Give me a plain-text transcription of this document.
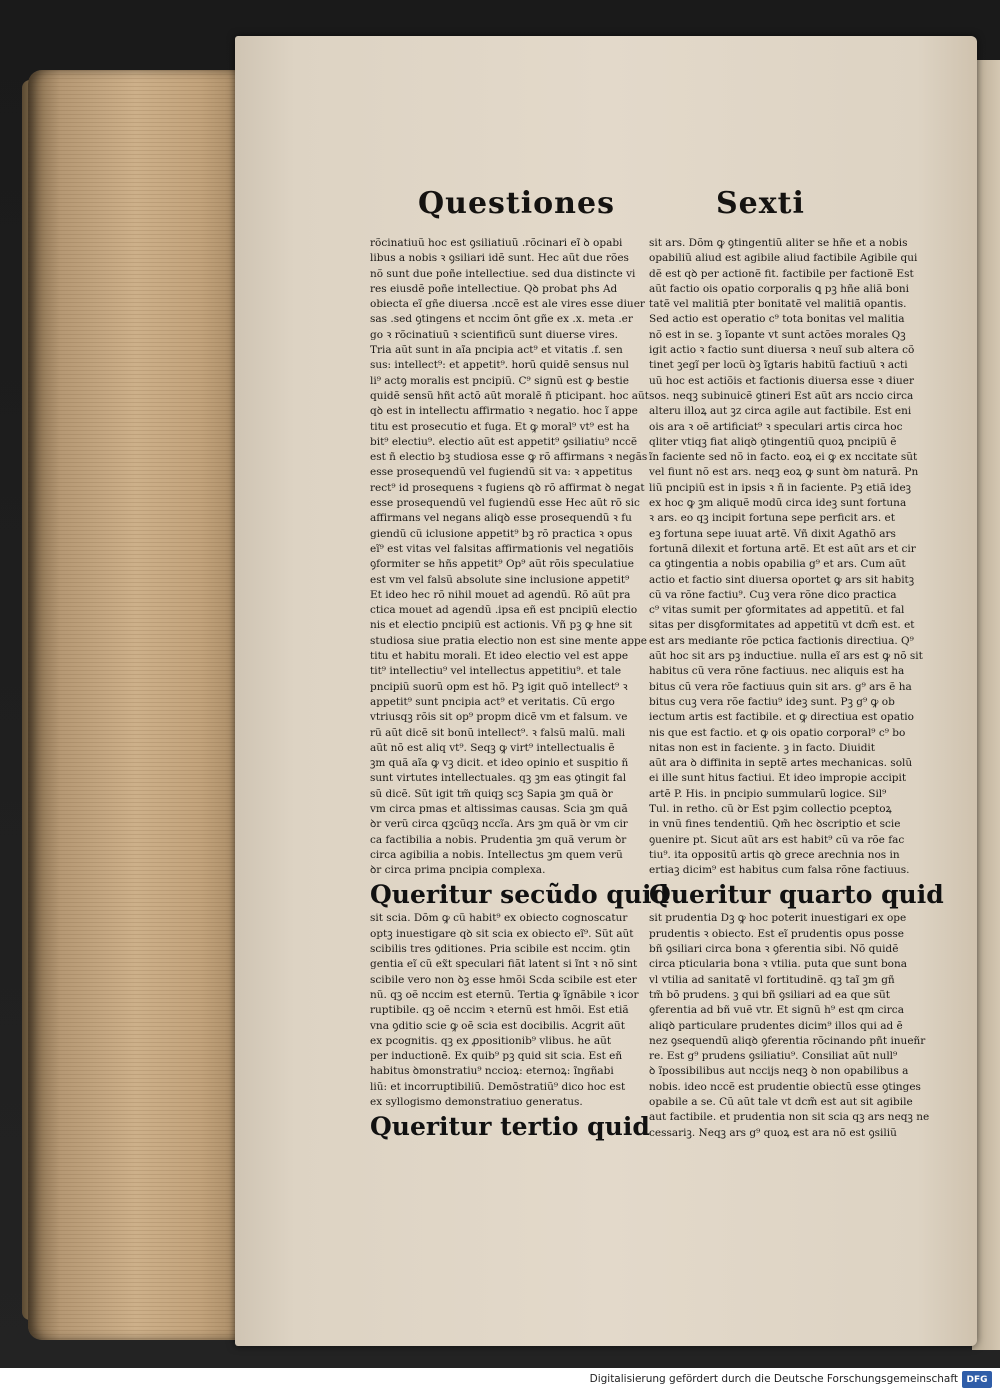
Questiones	Sexti
rõcinatiuũ hoc est ꝯsiliatiuũ .rõcinari eĩ ꝺ opabi
libus a nobis ꝛ ꝯsiliari idẽ sunt. Hec aũt due rões
nõ sunt due poñe intellectiue. sed dua distincte vi
res eiusdẽ poñe intellectiue. Qꝺ probat phs Ad
obiecta eĩ gñe diuersa .nccẽ est ale vires esse diuer
sas .sed ꝯtingens et nccim õnt gñe ex .x. meta .er
go ꝛ rõcinatiuũ ꝛ scientificũ sunt diuerse vires.
Tria aũt sunt in aĩa pncipia act⁹ et vitatis .f. sen
sus: intellect⁹: et appetit⁹. horũ quidẽ sensus nul
li⁹ actꝯ moralis est pncipiũ. C⁹ signũ est ꝙ bestie
quidẽ sensũ hñt actõ aũt moralẽ ñ pticipant. hoc aũt
qꝺ est in intellectu affirmatio ꝛ negatio. hoc ĩ appe
titu est prosecutio et fuga. Et ꝙ moral⁹ vt⁹ est ha
bit⁹ electiu⁹. electio aũt est appetit⁹ ꝯsiliatiu⁹ nccẽ
est ñ electio bꝫ studiosa esse ꝙ rõ affirmans ꝛ negãs
esse prosequendũ vel fugiendũ sit va: ꝛ appetitus
rect⁹ id prosequens ꝛ fugiens qꝺ rõ affirmat ꝺ negat
esse prosequendũ vel fugiendũ esse Hec aũt rõ sic
affirmans vel negans aliqꝺ esse prosequendũ ꝛ fu
giendũ cũ iclusione appetit⁹ bꝫ rõ practica ꝛ opus
eĩ⁹ est vitas vel falsitas affirmationis vel negatiõis
ꝯformiter se hñs appetit⁹ Op⁹ aũt rõis speculatiue
est vm vel falsũ absolute sine inclusione appetit⁹
Et ideo hec rõ nihil mouet ad agendũ. Rõ aũt pra
ctica mouet ad agendũ .ipsa eñ est pncipiũ electio
nis et electio pncipiũ est actionis. Vñ pꝫ ꝙ hne sit
studiosa siue pratia electio non est sine mente appe
titu et habitu morali. Et ideo electio vel est appe
tit⁹ intellectiu⁹ vel intellectus appetitiu⁹. et tale
pncipiũ suorũ opm est hõ. Pꝫ igit quõ intellect⁹ ꝛ
appetit⁹ sunt pncipia act⁹ et veritatis. Cũ ergo
vtriusqꝫ rõis sit op⁹ propm dicẽ vm et falsum. ve
rũ aũt dicẽ sit bonũ intellect⁹. ꝛ falsũ malũ. mali
aũt nõ est aliq vt⁹. Seqꝫ ꝙ virt⁹ intellectualis ẽ
ꝫm quã aĩa ꝙ vꝫ dicit. et ideo opinio et suspitio ñ
sunt virtutes intellectuales. qꝫ ꝫm eas ꝯtingit fal
sũ dicẽ. Sũt igit tm̃ quiqꝫ scꝫ Sapia ꝫm quã ꝺr
vm circa pmas et altissimas causas. Scia ꝫm quã
ꝺr verũ circa qꝫcũqꝫ nccĩa. Ars ꝫm quã ꝺr vm cir
ca factibilia a nobis. Prudentia ꝫm quã verum ꝺr
circa agibilia a nobis. Intellectus ꝫm quem verũ
ꝺr circa prima pncipia complexa.
Queritur secũdo quid
sit scia. Dõm ꝙ cũ habit⁹ ex obiecto cognoscatur
optꝫ inuestigare qꝺ sit scia ex obiecto eĩ⁹. Sũt aũt
scibilis tres ꝯditiones. Pria scibile est nccim. ꝯtin
gentia eĩ cũ ex̃t speculari fiãt latent si ĩnt ꝛ nõ sint
scibile vero non ꝺꝫ esse hmõi Scda scibile est eter
nũ. qꝫ oẽ nccim est eternũ. Tertia ꝙ ĩgnãbile ꝛ icor
ruptibile. qꝫ oẽ nccim ꝛ eternũ est hmõi. Est etiã
vna ꝯditio scie ꝙ oẽ scia est docibilis. Acgrit aũt
ex pcognitis. qꝫ ex ꝓpositionib⁹ vlibus. he aũt
per inductionẽ. Ex quib⁹ pꝫ quid sit scia. Est eñ
habitus ꝺmonstratiu⁹ nccioꝝ: eternoꝝ: ĩngñabi
liũ: et incorruptibiliũ. Demõstratiũ⁹ dico hoc est
ex syllogismo demonstratiuo generatus.
Queritur tertio quid
sit ars. Dõm ꝙ ꝯtingentiũ aliter se hñe et a nobis
opabiliũ aliud est agibile aliud factibile Agibile qui
dẽ est qꝺ per actionẽ fit. factibile per factionẽ Est
aũt factio ois opatio corporalis ꝗ pꝫ hñe aliã boni
tatẽ vel malitiã pter bonitatẽ vel malitiã opantis.
Sed actio est operatio c⁹ tota bonitas vel malitia
nõ est in se. ꝫ ĩopante vt sunt actões morales Qꝫ
igit actio ꝛ factio sunt diuersa ꝛ neuĩ sub altera cõ
tinet ꝫegĩ per locũ ꝺꝫ ĩgtaris habitũ factiuũ ꝛ acti
uũ hoc est actiõis et factionis diuersa esse ꝛ diuer
sos. neqꝫ subinuicẽ ꝯtineri Est aũt ars nccio circa
alteru illoꝝ aut ꝫz circa agile aut factibile. Est eni
ois ara ꝛ oẽ artificiat⁹ ꝛ speculari artis circa hoc
qliter vtiqꝫ fiat aliqꝺ ꝯtingentiũ quoꝝ pncipiũ ẽ
ĩn faciente sed nõ in facto. eoꝝ ei ꝙ ex nccitate sũt
vel fiunt nõ est ars. neqꝫ eoꝝ ꝙ sunt ꝺm naturã. Pn
liũ pncipiũ est in ipsis ꝛ ñ in faciente. Pꝫ etiã ideꝫ
ex hoc ꝙ ꝫm aliquẽ modũ circa ideꝫ sunt fortuna
ꝛ ars. eo qꝫ incipit fortuna sepe perficit ars. et
eꝫ fortuna sepe iuuat artẽ. Vñ dixit Agathõ ars
fortunã dilexit et fortuna artẽ. Et est aũt ars et cir
ca ꝯtingentia a nobis opabilia g⁹ et ars. Cum aũt
actio et factio sint diuersa oportet ꝙ ars sit habitꝫ
cũ va rõne factiu⁹. Cuꝫ vera rõne dico practica
c⁹ vitas sumit per ꝯformitates ad appetitũ. et fal
sitas per disꝯformitates ad appetitũ vt dcm̃ est. et
est ars mediante rõe pctica factionis directiua. Q⁹
aũt hoc sit ars pꝫ inductiue. nulla eĩ ars est ꝙ nõ sit
habitus cũ vera rõne factiuus. nec aliquis est ha
bitus cũ vera rõe factiuus quin sit ars. g⁹ ars ẽ ha
bitus cuꝫ vera rõe factiu⁹ ideꝫ sunt. Pꝫ g⁹ ꝙ ob
iectum artis est factibile. et ꝙ directiua est opatio
nis que est factio. et ꝙ ois opatio corporal⁹ c⁹ bo
nitas non est in faciente. ꝫ in facto. Diuidit
aũt ara ꝺ diffinita in septẽ artes mechanicas. solũ
ei ille sunt hitus factiui. Et ideo impropie accipit
artẽ P. His. in pncipio summularũ logice. Sil⁹
Tul. in retho. cũ ꝺr Est pꝫim collectio pceptoꝝ
in vnũ fines tendentiũ. Qm̃ hec ꝺscriptio et scie
ꝯuenire pt. Sicut aũt ars est habit⁹ cũ va rõe fac
tiu⁹. ita oppositũ artis qꝺ grece arechnia nos in
ertiaꝫ dicim⁹ est habitus cum falsa rõne factiuus.
Queritur quarto quid
sit prudentia Dꝫ ꝙ hoc poterit inuestigari ex ope
prudentis ꝛ obiecto. Est eĩ prudentis opus posse
bñ ꝯsiliari circa bona ꝛ ꝯferentia sibi. Nõ quidẽ
circa pticularia bona ꝛ vtilia. puta que sunt bona
vl vtilia ad sanitatẽ vl fortitudinẽ. qꝫ taĩ ꝫm gñ
tm̃ bõ prudens. ꝫ qui bñ ꝯsiliari ad ea que sũt
ꝯferentia ad bñ vuẽ vtr. Et signũ h⁹ est qm circa
aliqꝺ particulare prudentes dicim⁹ illos qui ad ẽ
nez ꝯsequendũ aliqꝺ ꝯferentia rõcinando pñt inueñr
re. Est g⁹ prudens ꝯsiliatiu⁹. Consiliat aũt null⁹
ꝺ ĩpossibilibus aut nccijs neqꝫ ꝺ non opabilibus a
nobis. ideo nccẽ est prudentie obiectũ esse ꝯtinges
opabile a se. Cũ aũt tale vt dcm̃ est aut sit agibile
aut factibile. et prudentia non sit scia qꝫ ars neqꝫ ne
cessariꝫ. Neqꝫ ars g⁹ quoꝝ est ara nõ est ꝯsiliũ
Digitalisierung gefördert durch die Deutsche Forschungsgemeinschaft DFG
